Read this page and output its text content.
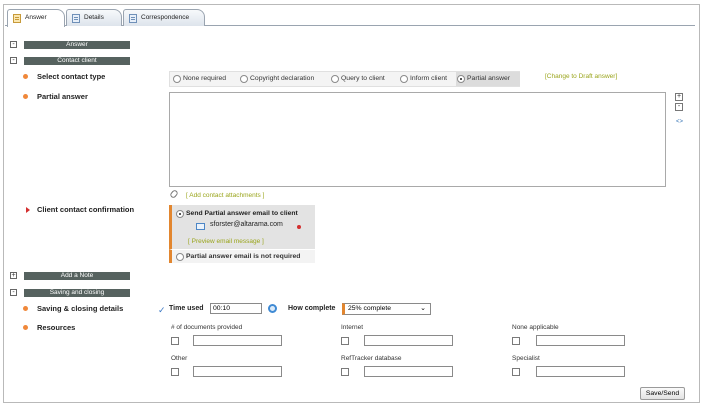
Answer	Details	Correspondence
-	Answer
-	Contact client
Select contact type	None required	Copyright declaration	Query to client	Inform client	Partial answer	[Change to Draft answer]
Partial answer	+
-
<>
[ Add contact attachments ]
Client contact confirmation	Send Partial answer email to client
sforster@altarama.com
[ Preview email message ]
Partial answer email is not required
+	Add a Note
-	Saving and closing
Saving & closing details	✓ Time used
00:10	How complete	25% complete	⌄
Resources	# of documents provided	Internet	None applicable
Other	RefTracker database	Specialist
Save/Send
